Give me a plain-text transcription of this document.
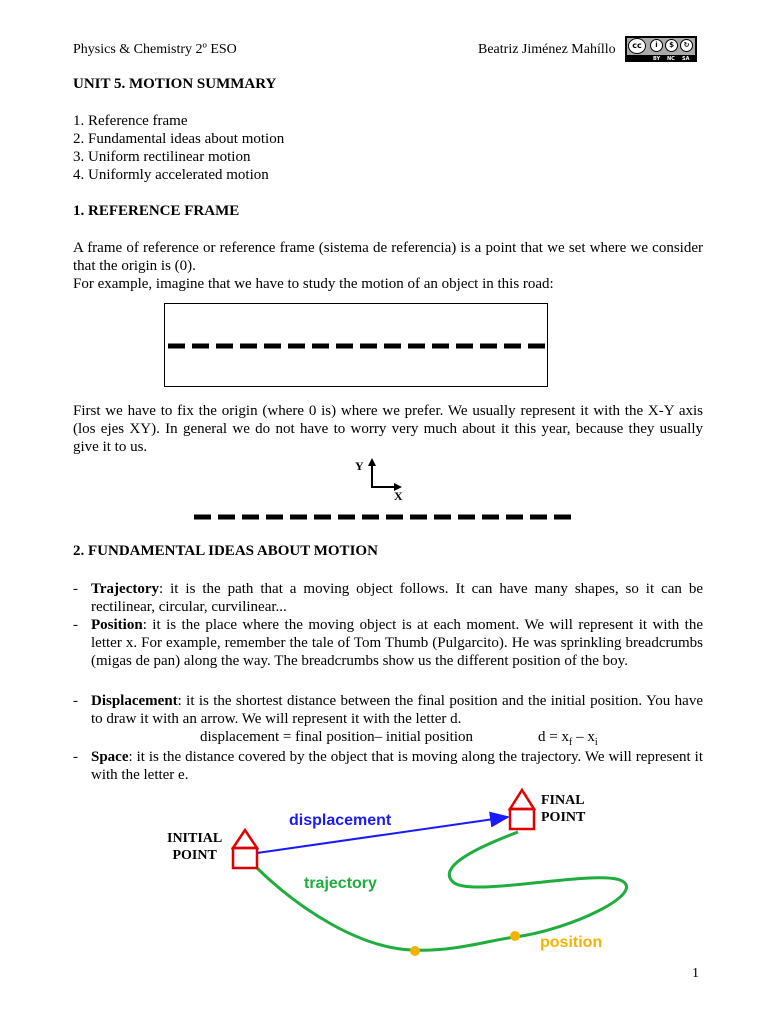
Physics & Chemistry 2º ESO	Beatriz Jiménez Mahíllo	cc	i	$	↻
BY NC SA
UNIT 5. MOTION SUMMARY
1. Reference frame
2. Fundamental ideas about motion
3. Uniform rectilinear motion
4. Uniformly accelerated motion
1. REFERENCE FRAME
A frame of reference or reference frame (sistema de referencia) is a point that we set where we consider that the origin is (0).
For example, imagine that we have to study the motion of an object in this road:
First we have to fix the origin (where 0 is) where we prefer. We usually represent it with the X-Y axis (los ejes XY). In general we do not have to worry very much about it this year, because they usually give it to us.
Y
X
2. FUNDAMENTAL IDEAS ABOUT MOTION
- Trajectory: it is the path that a moving object follows. It can have many shapes, so it can be rectilinear, circular, curvilinear...
- Position: it is the place where the moving object is at each moment. We will represent it with the letter x. For example, remember the tale of Tom Thumb (Pulgarcito). He was sprinkling breadcrumbs (migas de pan) along the way. The breadcrumbs show us the different position of the boy.
- Displacement: it is the shortest distance between the final position and the initial position. You have to draw it with an arrow. We will represent it with the letter d.
displacement = final position– initial position	$d = x_f - x_i$
- Space: it is the distance covered by the object that is moving along the trajectory. We will represent it with the letter e.
INITIAL
POINT
FINAL
POINT
displacement
trajectory
position
1
